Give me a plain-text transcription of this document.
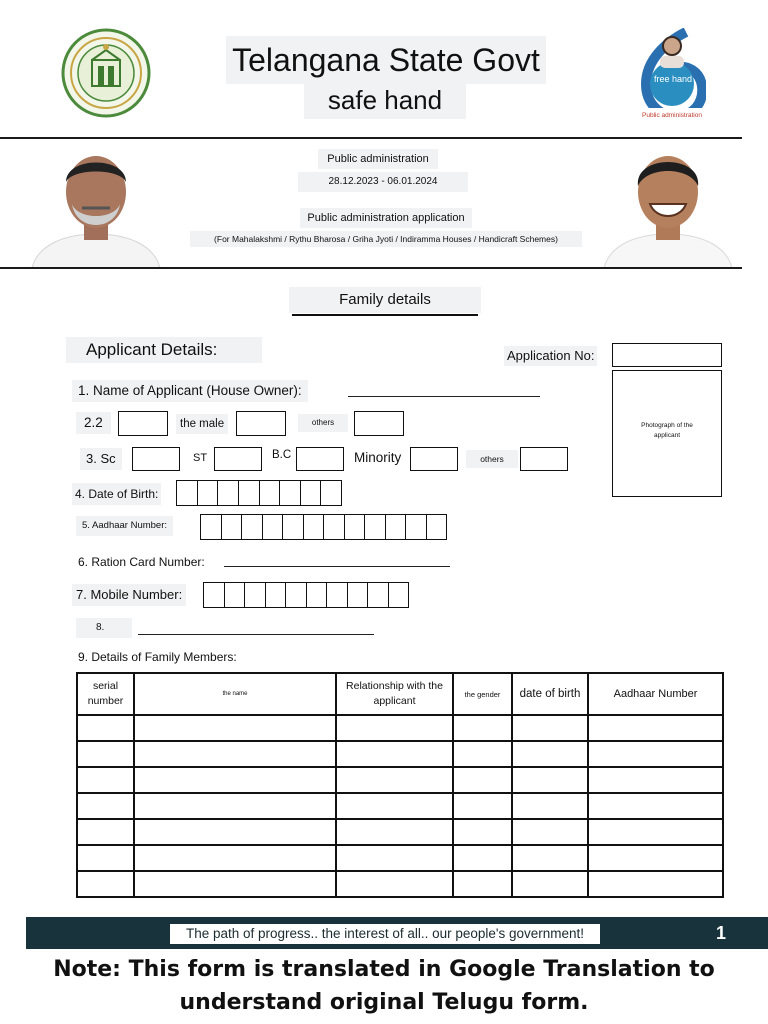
Telangana State Govt
safe hand
free hand
Public administration
Public administration
28.12.2023 - 06.01.2024
Public administration application
(For Mahalakshmi / Rythu Bharosa / Griha Jyoti / Indiramma Houses / Handicraft Schemes)
Family details
Applicant Details:	Application No:
Photograph of the applicant
1. Name of Applicant (House Owner):
2.2	the male	others
3. Sc	ST	B.C	Minority	others
4. Date of Birth:
5. Aadhaar Number:
6. Ration Card Number:
7. Mobile Number:
8.
9. Details of Family Members:
serial number	the name	Relationship with the applicant	the gender	date of birth	Aadhaar Number

The path of progress.. the interest of all.. our people's government!	1
Note: This form is translated in Google Translation to understand original Telugu form.
